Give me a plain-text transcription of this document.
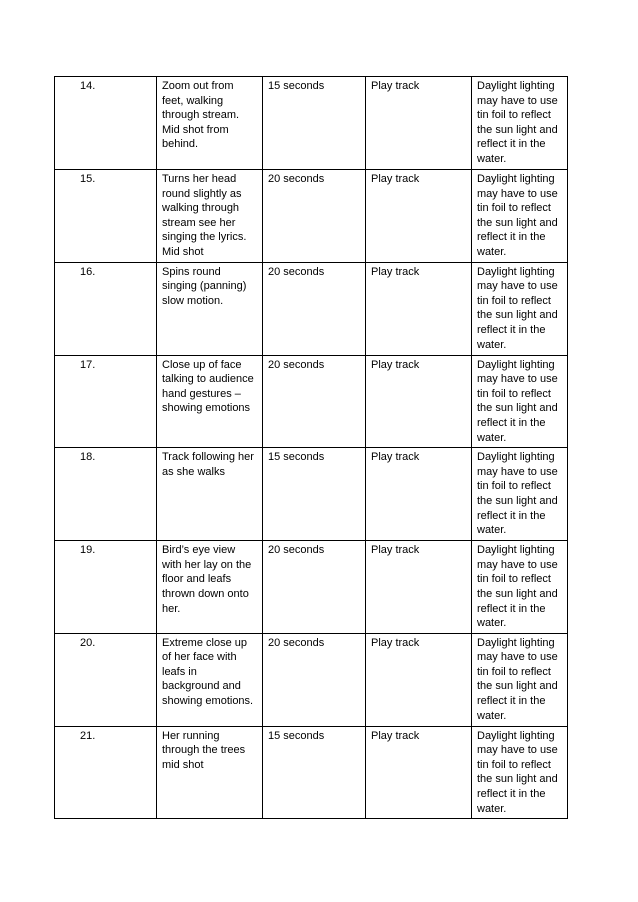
14.	Zoom out from feet, walking through stream. Mid shot from behind.	15 seconds	Play track	Daylight lighting may have to use tin foil to reflect the sun light and reflect it in the water.
15.	Turns her head round slightly as walking through stream see her singing the lyrics. Mid shot	20 seconds	Play track	Daylight lighting may have to use tin foil to reflect the sun light and reflect it in the water.
16.	Spins round singing (panning) slow motion.	20 seconds	Play track	Daylight lighting may have to use tin foil to reflect the sun light and reflect it in the water.
17.	Close up of face talking to audience hand gestures – showing emotions	20 seconds	Play track	Daylight lighting may have to use tin foil to reflect the sun light and reflect it in the water.
18.	Track following her as she walks	15 seconds	Play track	Daylight lighting may have to use tin foil to reflect the sun light and reflect it in the water.
19.	Bird’s eye view with her lay on the floor and leafs thrown down onto her.	20 seconds	Play track	Daylight lighting may have to use tin foil to reflect the sun light and reflect it in the water.
20.	Extreme close up of her face with leafs in background and showing emotions.	20 seconds	Play track	Daylight lighting may have to use tin foil to reflect the sun light and reflect it in the water.
21.	Her running through the trees mid shot	15 seconds	Play track	Daylight lighting may have to use tin foil to reflect the sun light and reflect it in the water.
